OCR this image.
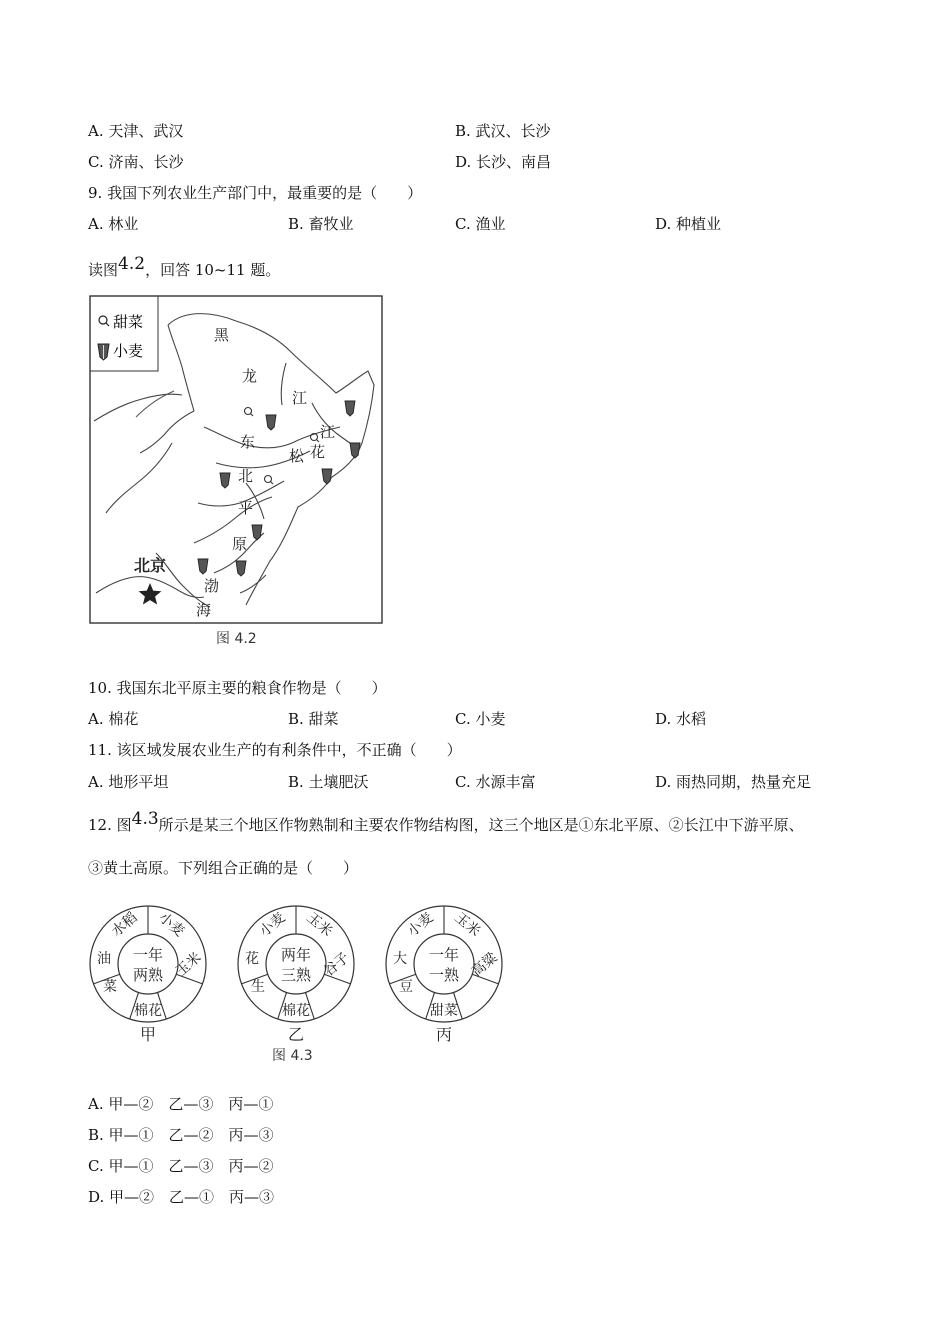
A. 天津、武汉	B. 武汉、长沙
C. 济南、长沙	D. 长沙、南昌
9. 我国下列农业生产部门中，最重要的是（　　）
A. 林业	B. 畜牧业	C. 渔业	D. 种植业
读图4.2，回答 10~11 题。
甜菜
小麦
黑
龙
江
江
东
松 花
北
平
原
渤
海
北京
图 4.2
10. 我国东北平原主要的粮食作物是（　　）
A. 棉花	B. 甜菜	C. 小麦	D. 水稻
11. 该区域发展农业生产的有利条件中，不正确（　　）
A. 地形平坦	B. 土壤肥沃	C. 水源丰富	D. 雨热同期，热量充足
12. 图4.3所示是某三个地区作物熟制和主要农作物结构图，这三个地区是①东北平原、②长江中下游平原、
③黄土高原。下列组合正确的是（　　）
一年
两熟
水稻 小麦
玉米
棉花
油
菜
甲
两年
三熟
小麦 玉米
谷子
棉花
花
生
乙
一年
一熟
小麦 玉米
高粱
甜菜
大
豆
丙
图 4.3
A. 甲—②　乙—③　丙—①
B. 甲—①　乙—②　丙—③
C. 甲—①　乙—③　丙—②
D. 甲—②　乙—①　丙—③
